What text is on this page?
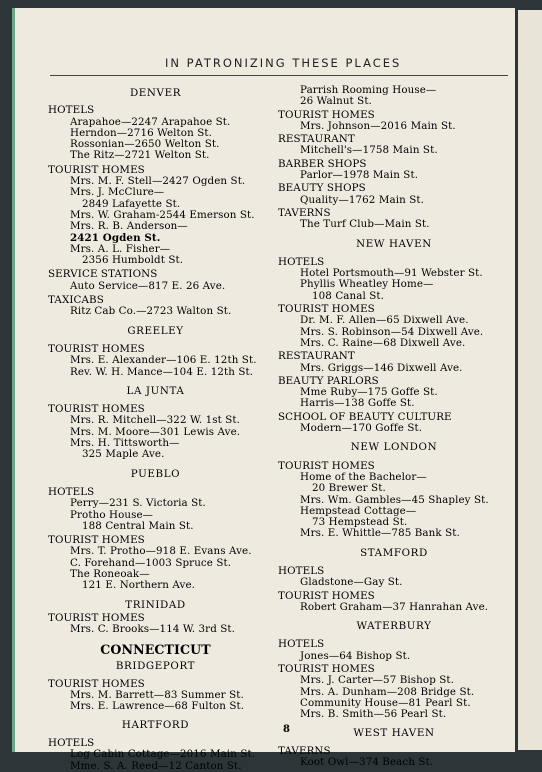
IN PATRONIZING THESE PLACES
DENVER
HOTELS
Arapahoe—2247 Arapahoe St.
Herndon—2716 Welton St.
Rossonian—2650 Welton St.
The Ritz—2721 Welton St.
TOURIST HOMES
Mrs. M. F. Stell—2427 Ogden St.
Mrs. J. McClure—
2849 Lafayette St.
Mrs. W. Graham-2544 Emerson St.
Mrs. R. B. Anderson—
2421 Ogden St.
Mrs. A. L. Fisher—
2356 Humboldt St.
SERVICE STATIONS
Auto Service—817 E. 26 Ave.
TAXICABS
Ritz Cab Co.—2723 Walton St.
GREELEY
TOURIST HOMES
Mrs. E. Alexander—106 E. 12th St.
Rev. W. H. Mance—104 E. 12th St.
LA JUNTA
TOURIST HOMES
Mrs. R. Mitchell—322 W. 1st St.
Mrs. M. Moore—301 Lewis Ave.
Mrs. H. Tittsworth—
325 Maple Ave.
PUEBLO
HOTELS
Perry—231 S. Victoria St.
Protho House—
188 Central Main St.
TOURIST HOMES
Mrs. T. Protho—918 E. Evans Ave.
C. Forehand—1003 Spruce St.
The Roneoak—
121 E. Northern Ave.
TRINIDAD
TOURIST HOMES
Mrs. C. Brooks—114 W. 3rd St.
CONNECTICUT
BRIDGEPORT
TOURIST HOMES
Mrs. M. Barrett—83 Summer St.
Mrs. E. Lawrence—68 Fulton St.
HARTFORD
HOTELS
Log Cabin Cottage—2016 Main St.
Mme. S. A. Reed—12 Canton St.
Parrish Rooming House—
26 Walnut St.
TOURIST HOMES
Mrs. Johnson—2016 Main St.
RESTAURANT
Mitchell's—1758 Main St.
BARBER SHOPS
Parlor—1978 Main St.
BEAUTY SHOPS
Quality—1762 Main St.
TAVERNS
The Turf Club—Main St.
NEW HAVEN
HOTELS
Hotel Portsmouth—91 Webster St.
Phyllis Wheatley Home—
108 Canal St.
TOURIST HOMES
Dr. M. F. Allen—65 Dixwell Ave.
Mrs. S. Robinson—54 Dixwell Ave.
Mrs. C. Raine—68 Dixwell Ave.
RESTAURANT
Mrs. Griggs—146 Dixwell Ave.
BEAUTY PARLORS
Mme Ruby—175 Goffe St.
Harris—138 Goffe St.
SCHOOL OF BEAUTY CULTURE
Modern—170 Goffe St.
NEW LONDON
TOURIST HOMES
Home of the Bachelor—
20 Brewer St.
Mrs. Wm. Gambles—45 Shapley St.
Hempstead Cottage—
73 Hempstead St.
Mrs. E. Whittle—785 Bank St.
STAMFORD
HOTELS
Gladstone—Gay St.
TOURIST HOMES
Robert Graham—37 Hanrahan Ave.
WATERBURY
HOTELS
Jones—64 Bishop St.
TOURIST HOMES
Mrs. J. Carter—57 Bishop St.
Mrs. A. Dunham—208 Bridge St.
Community House—81 Pearl St.
Mrs. B. Smith—56 Pearl St.
WEST HAVEN
TAVERNS
Koot Owl—374 Beach St.
8
